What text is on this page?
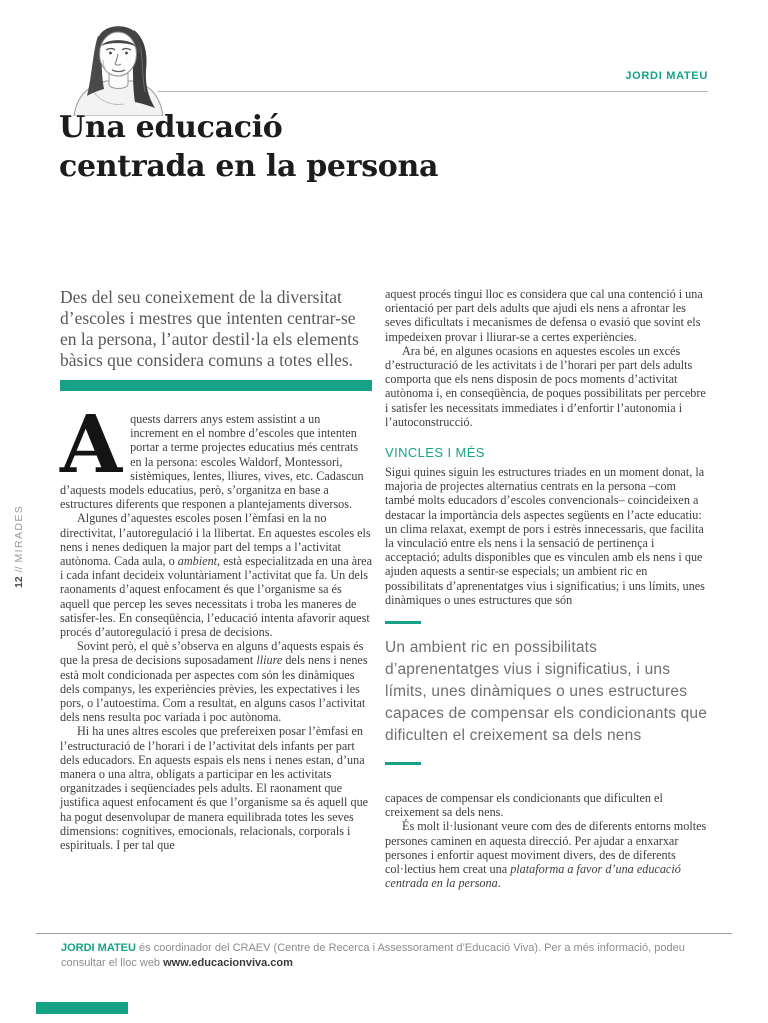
JORDI MATEU
Una educació
centrada en la persona

Des del seu coneixement de la diversitat d’escoles i mestres que intenten centrar-se en la persona, l’autor destil·la els elements bàsics que considera comuns a totes elles.

Aquests darrers anys estem assistint a un increment en el nombre d’escoles que intenten portar a terme projectes educatius més centrats en la persona: escoles Waldorf, Montessori, sistèmiques, lentes, lliures, vives, etc. Cadascun d’aquests models educatius, però, s’organitza en base a estructures diferents que responen a plantejaments diversos.

Algunes d’aquestes escoles posen l’èmfasi en la no directivitat, l’autoregulació i la llibertat. En aquestes escoles els nens i nenes dediquen la major part del temps a l’activitat autònoma. Cada aula, o ambient, està especialitzada en una àrea i cada infant decideix voluntàriament l’activitat que fa. Un dels raonaments d’aquest enfocament és que l’organisme sa és aquell que percep les seves necessitats i troba les maneres de satisfer-les. En conseqüència, l’educació intenta afavorir aquest procés d’autoregulació i presa de decisions.

Sovint però, el què s’observa en alguns d’aquests espais és que la presa de decisions suposadament lliure dels nens i nenes està molt condicionada per aspectes com són les dinàmiques dels companys, les experiències prèvies, les expectatives i les pors, o l’autoestima. Com a resultat, en alguns casos l’activitat dels nens resulta poc variada i poc autònoma.

Hi ha unes altres escoles que prefereixen posar l’èmfasi en l’estructuració de l’horari i de l’activitat dels infants per part dels educadors. En aquests espais els nens i nenes estan, d’una manera o una altra, obligats a participar en les activitats organitzades i seqüenciades pels adults. El raonament que justifica aquest enfocament és que l’organisme sa és aquell que ha pogut desenvolupar de manera equilibrada totes les seves dimensions: cognitives, emocionals, relacionals, corporals i espirituals. I per tal que

aquest procés tingui lloc es considera que cal una contenció i una orientació per part dels adults que ajudi els nens a afrontar les seves dificultats i mecanismes de defensa o evasió que sovint els impedeixen provar i lliurar-se a certes experiències.

Ara bé, en algunes ocasions en aquestes escoles un excés d’estructuració de les activitats i de l’horari per part dels adults comporta que els nens disposin de pocs moments d’activitat autònoma i, en conseqüència, de poques possibilitats per percebre i satisfer les necessitats immediates i d’enfortir l’autonomia i l’autoconstrucció.

VINCLES I MÉS

Sigui quines siguin les estructures triades en un moment donat, la majoria de projectes alternatius centrats en la persona –com també molts educadors d’escoles convencionals– coincideixen a destacar la importància dels aspectes següents en l’acte educatiu: un clima relaxat, exempt de pors i estrès innecessaris, que facilita la vinculació entre els nens i la sensació de pertinença i acceptació; adults disponibles que es vinculen amb els nens i que ajuden aquests a sentir-se especials; un ambient ric en possibilitats d’aprenentatges vius i significatius; i uns límits, unes dinàmiques o unes estructures que són

Un ambient ric en possibilitats d’aprenentatges vius i significatius, i uns límits, unes dinàmiques o unes estructures capaces de compensar els condicionants que dificulten el creixement sa dels nens

capaces de compensar els condicionants que dificulten el creixement sa dels nens.

És molt il·lusionant veure com des de diferents entorns moltes persones caminen en aquesta direcció. Per ajudar a enxarxar persones i enfortir aquest moviment divers, des de diferents col·lectius hem creat una plataforma a favor d’una educació centrada en la persona.

12//MIRADES

JORDI MATEU és coordinador del CRAEV (Centre de Recerca i Assessorament d’Educació Viva). Per a més informació, podeu consultar el lloc web www.educacionviva.com
